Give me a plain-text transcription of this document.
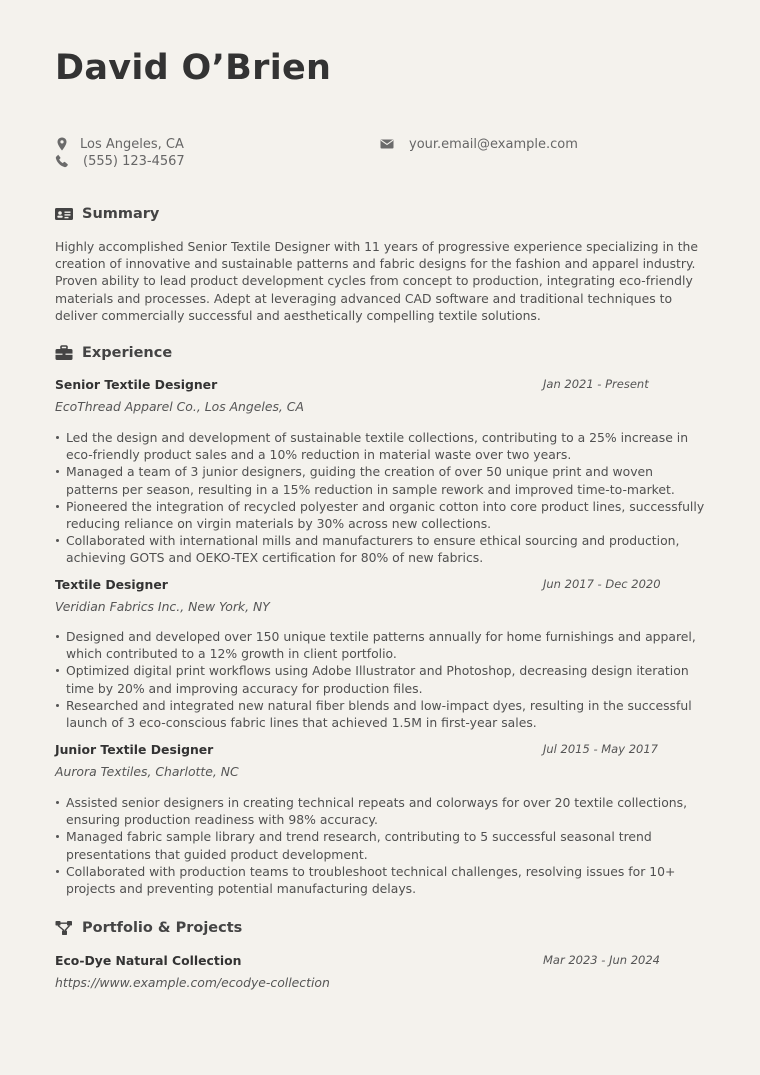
David O’Brien
Los Angeles, CA
(555) 123-4567
your.email@example.com
Summary

Highly accomplished Senior Textile Designer with 11 years of progressive experience specializing in the creation of innovative and sustainable patterns and fabric designs for the fashion and apparel industry. Proven ability to lead product development cycles from concept to production, integrating eco-friendly materials and processes. Adept at leveraging advanced CAD software and traditional techniques to deliver commercially successful and aesthetically compelling textile solutions.

Experience
Senior Textile Designer	Jan 2021 - Present
EcoThread Apparel Co., Los Angeles, CA
Led the design and development of sustainable textile collections, contributing to a 25% increase in eco-friendly product sales and a 10% reduction in material waste over two years.
Managed a team of 3 junior designers, guiding the creation of over 50 unique print and woven patterns per season, resulting in a 15% reduction in sample rework and improved time-to-market.
Pioneered the integration of recycled polyester and organic cotton into core product lines, successfully reducing reliance on virgin materials by 30% across new collections.
Collaborated with international mills and manufacturers to ensure ethical sourcing and production, achieving GOTS and OEKO-TEX certification for 80% of new fabrics.
Textile Designer	Jun 2017 - Dec 2020
Veridian Fabrics Inc., New York, NY
Designed and developed over 150 unique textile patterns annually for home furnishings and apparel, which contributed to a 12% growth in client portfolio.
Optimized digital print workflows using Adobe Illustrator and Photoshop, decreasing design iteration time by 20% and improving accuracy for production files.
Researched and integrated new natural fiber blends and low-impact dyes, resulting in the successful launch of 3 eco-conscious fabric lines that achieved 1.5M in first-year sales.
Junior Textile Designer	Jul 2015 - May 2017
Aurora Textiles, Charlotte, NC
Assisted senior designers in creating technical repeats and colorways for over 20 textile collections, ensuring production readiness with 98% accuracy.
Managed fabric sample library and trend research, contributing to 5 successful seasonal trend presentations that guided product development.
Collaborated with production teams to troubleshoot technical challenges, resolving issues for 10+ projects and preventing potential manufacturing delays.
Portfolio & Projects
Eco-Dye Natural Collection	Mar 2023 - Jun 2024
https://www.example.com/ecodye-collection
